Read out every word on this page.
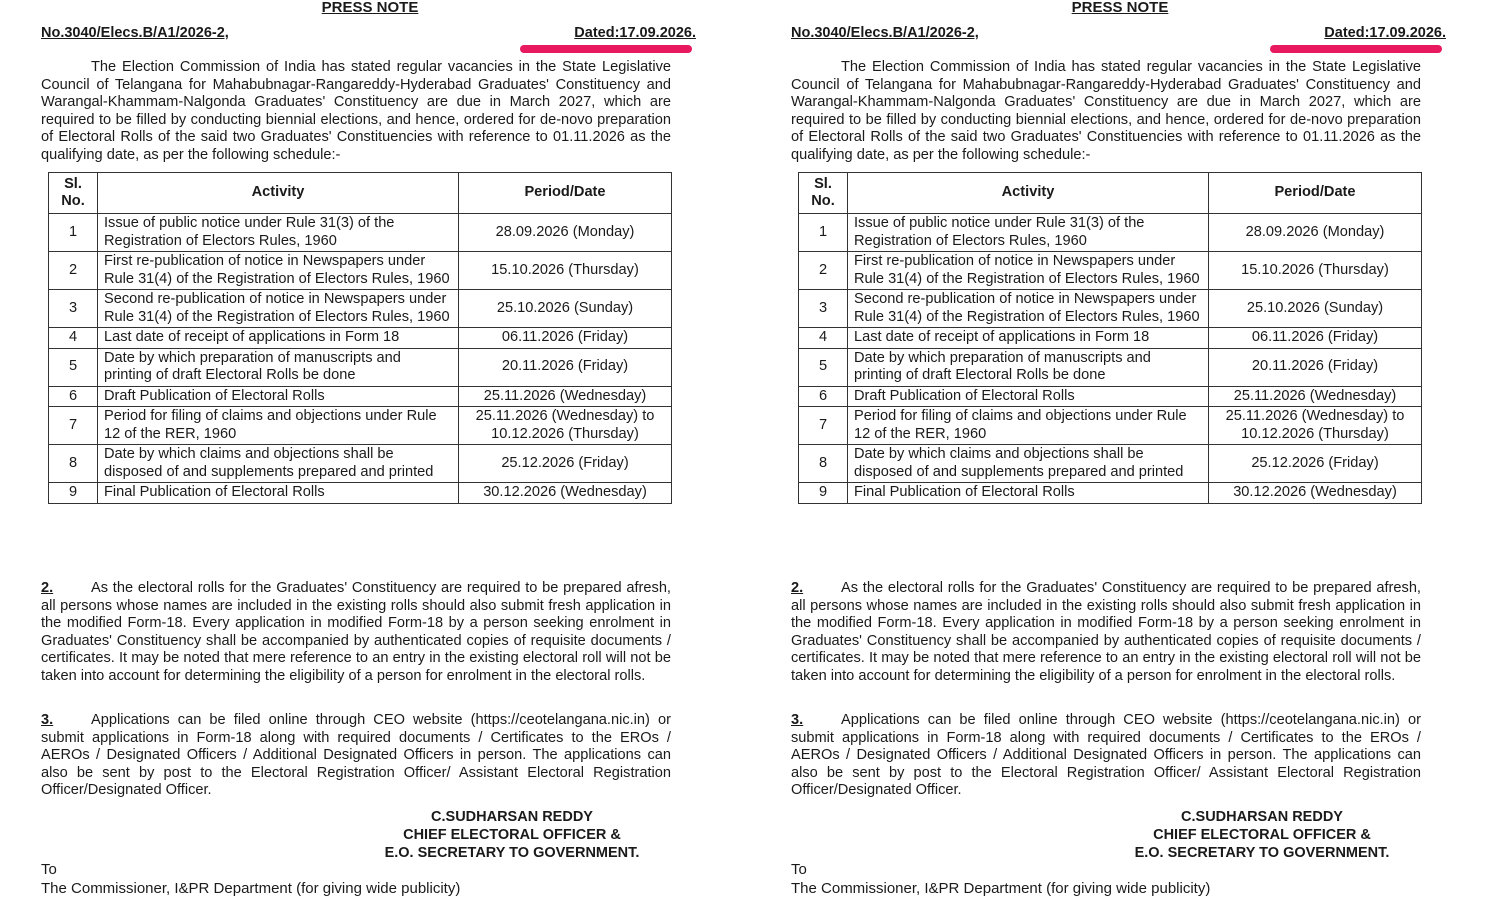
PRESS NOTE
No.3040/Elecs.B/A1/2026-2,	Dated:17.09.2026.

The Election Commission of India has stated regular vacancies in the State Legislative Council of Telangana for Mahabubnagar-Rangareddy-Hyderabad Graduates' Constituency and Warangal-Khammam-Nalgonda Graduates' Constituency are due in March 2027, which are required to be filled by conducting biennial elections, and hence, ordered for de-novo preparation of Electoral Rolls of the said two Graduates' Constituencies with reference to 01.11.2026 as the qualifying date, as per the following schedule:-

Sl. No.	Activity	Period/Date
1	Issue of public notice under Rule 31(3) of the Registration of Electors Rules, 1960	28.09.2026 (Monday)
2	First re-publication of notice in Newspapers under Rule 31(4) of the Registration of Electors Rules, 1960	15.10.2026 (Thursday)
3	Second re-publication of notice in Newspapers under Rule 31(4) of the Registration of Electors Rules, 1960	25.10.2026 (Sunday)
4	Last date of receipt of applications in Form 18	06.11.2026 (Friday)
5	Date by which preparation of manuscripts and printing of draft Electoral Rolls be done	20.11.2026 (Friday)
6	Draft Publication of Electoral Rolls	25.11.2026 (Wednesday)
7	Period for filing of claims and objections under Rule 12 of the RER, 1960	25.11.2026 (Wednesday) to 10.12.2026 (Thursday)
8	Date by which claims and objections shall be disposed of and supplements prepared and printed	25.12.2026 (Friday)
9	Final Publication of Electoral Rolls	30.12.2026 (Wednesday)

2.	As the electoral rolls for the Graduates' Constituency are required to be prepared afresh, all persons whose names are included in the existing rolls should also submit fresh application in the modified Form-18. Every application in modified Form-18 by a person seeking enrolment in Graduates' Constituency shall be accompanied by authenticated copies of requisite documents / certificates. It may be noted that mere reference to an entry in the existing electoral roll will not be taken into account for determining the eligibility of a person for enrolment in the electoral rolls.

3.	Applications can be filed online through CEO website (https://ceotelangana.nic.in) or submit applications in Form-18 along with required documents / Certificates to the EROs / AEROs / Designated Officers / Additional Designated Officers in person. The applications can also be sent by post to the Electoral Registration Officer/ Assistant Electoral Registration Officer/Designated Officer.

C.SUDHARSAN REDDY
CHIEF ELECTORAL OFFICER &
E.O. SECRETARY TO GOVERNMENT.
To
The Commissioner, I&PR Department (for giving wide publicity)
PRESS NOTE
No.3040/Elecs.B/A1/2026-2,	Dated:17.09.2026.

The Election Commission of India has stated regular vacancies in the State Legislative Council of Telangana for Mahabubnagar-Rangareddy-Hyderabad Graduates' Constituency and Warangal-Khammam-Nalgonda Graduates' Constituency are due in March 2027, which are required to be filled by conducting biennial elections, and hence, ordered for de-novo preparation of Electoral Rolls of the said two Graduates' Constituencies with reference to 01.11.2026 as the qualifying date, as per the following schedule:-

Sl. No.	Activity	Period/Date
1	Issue of public notice under Rule 31(3) of the Registration of Electors Rules, 1960	28.09.2026 (Monday)
2	First re-publication of notice in Newspapers under Rule 31(4) of the Registration of Electors Rules, 1960	15.10.2026 (Thursday)
3	Second re-publication of notice in Newspapers under Rule 31(4) of the Registration of Electors Rules, 1960	25.10.2026 (Sunday)
4	Last date of receipt of applications in Form 18	06.11.2026 (Friday)
5	Date by which preparation of manuscripts and printing of draft Electoral Rolls be done	20.11.2026 (Friday)
6	Draft Publication of Electoral Rolls	25.11.2026 (Wednesday)
7	Period for filing of claims and objections under Rule 12 of the RER, 1960	25.11.2026 (Wednesday) to 10.12.2026 (Thursday)
8	Date by which claims and objections shall be disposed of and supplements prepared and printed	25.12.2026 (Friday)
9	Final Publication of Electoral Rolls	30.12.2026 (Wednesday)

2.	As the electoral rolls for the Graduates' Constituency are required to be prepared afresh, all persons whose names are included in the existing rolls should also submit fresh application in the modified Form-18. Every application in modified Form-18 by a person seeking enrolment in Graduates' Constituency shall be accompanied by authenticated copies of requisite documents / certificates. It may be noted that mere reference to an entry in the existing electoral roll will not be taken into account for determining the eligibility of a person for enrolment in the electoral rolls.

3.	Applications can be filed online through CEO website (https://ceotelangana.nic.in) or submit applications in Form-18 along with required documents / Certificates to the EROs / AEROs / Designated Officers / Additional Designated Officers in person. The applications can also be sent by post to the Electoral Registration Officer/ Assistant Electoral Registration Officer/Designated Officer.

C.SUDHARSAN REDDY
CHIEF ELECTORAL OFFICER &
E.O. SECRETARY TO GOVERNMENT.
To
The Commissioner, I&PR Department (for giving wide publicity)
